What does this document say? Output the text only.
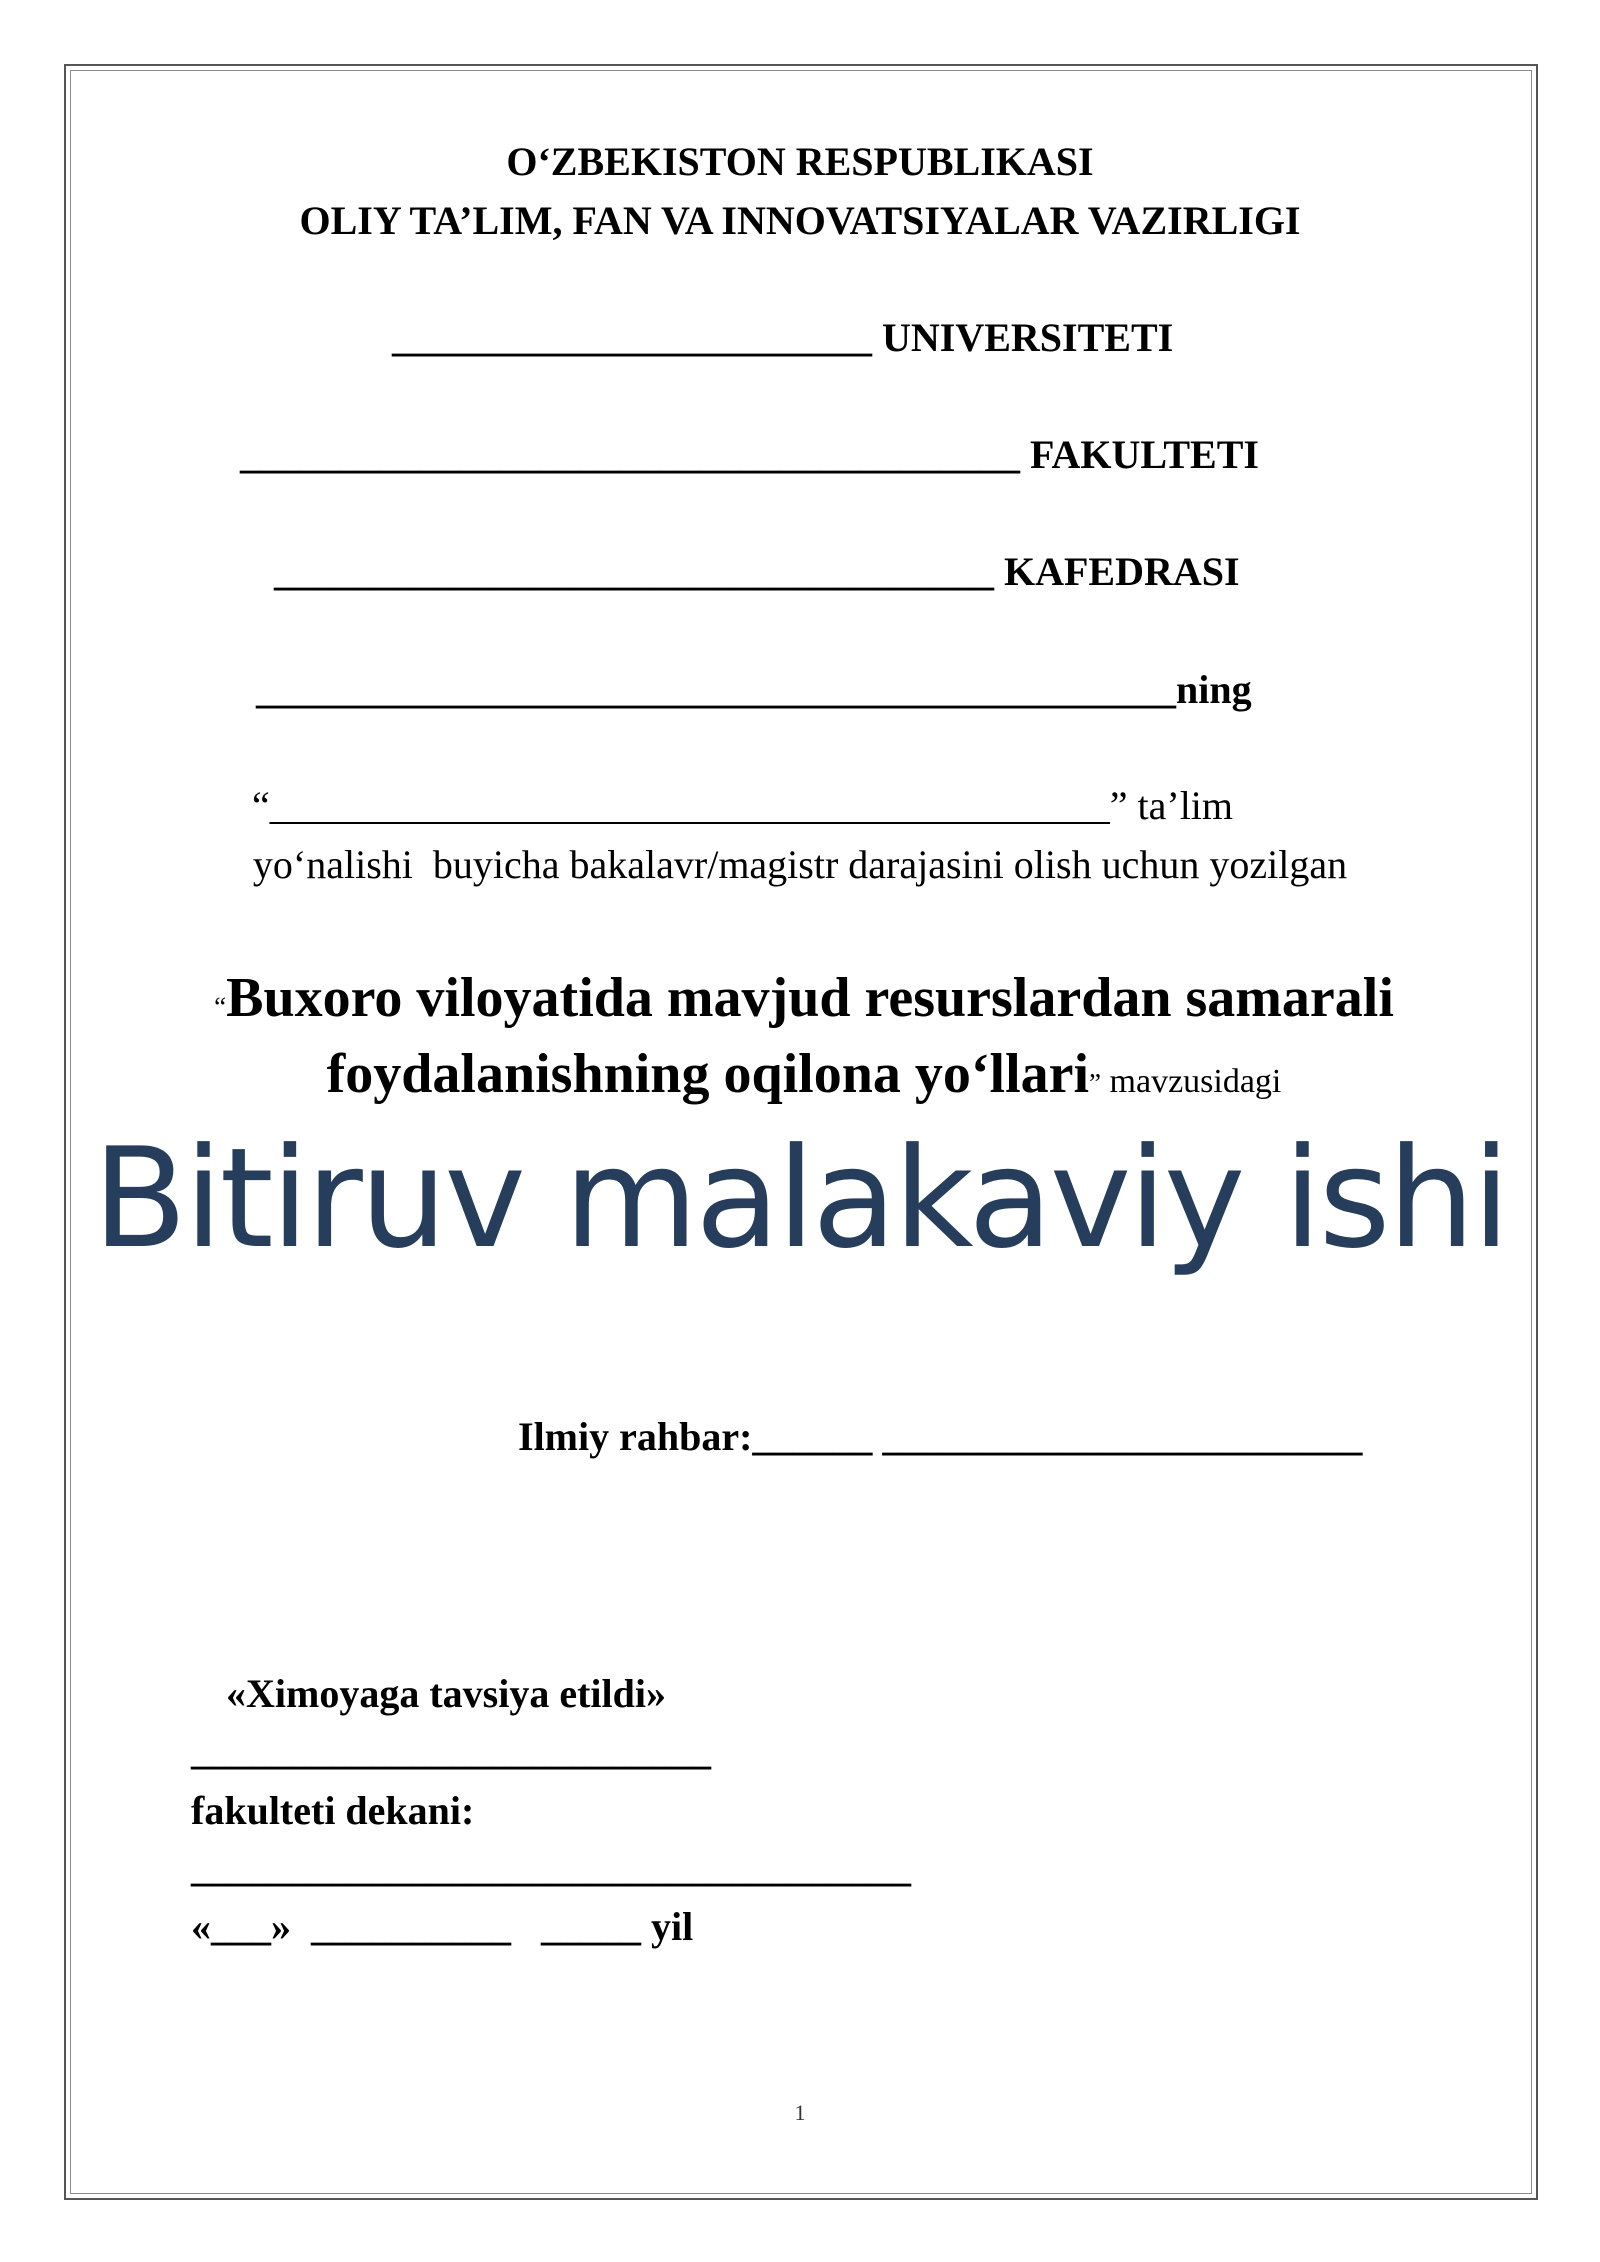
O‘ZBEKISTON RESPUBLIKASI
OLIY TA’LIM, FAN VA INNOVATSIYALAR VAZIRLIGI
________________________ UNIVERSITETI
_______________________________________ FAKULTETI
____________________________________ KAFEDRASI
______________________________________________ning
“__________________________________________” ta’lim
yo‘nalishi  buyicha bakalavr/magistr darajasini olish uchun yozilgan

“Buxoro viloyatida mavjud resurslardan samarali

foydalanishning oqilona yo‘llari” mavzusidagi

Bitiruv malakaviy ishi
Ilmiy rahbar:______ ________________________
«Ximoyaga tavsiya etildi»
__________________________
fakulteti dekani:
____________________________________
«___»  __________   _____ yil
1
